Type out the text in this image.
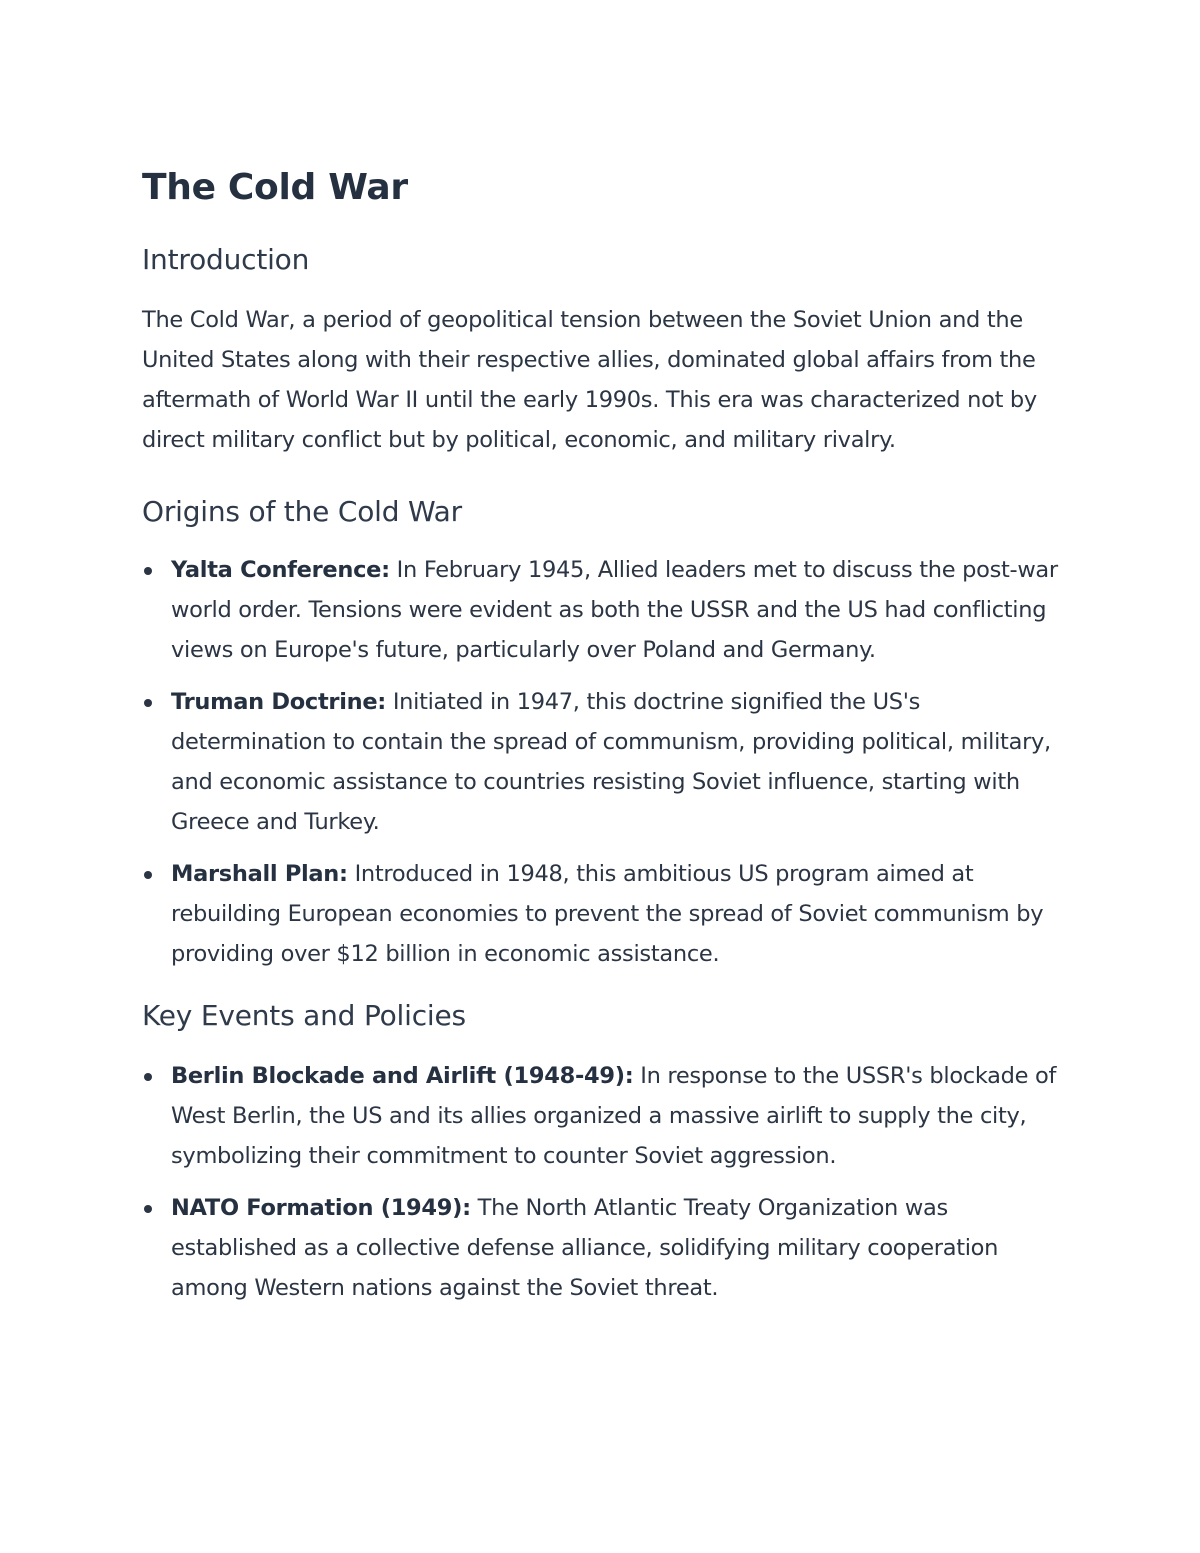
The Cold War
Introduction

The Cold War, a period of geopolitical tension between the Soviet Union and the United States along with their respective allies, dominated global affairs from the aftermath of World War II until the early 1990s. This era was characterized not by direct military conflict but by political, economic, and military rivalry.

Origins of the Cold War
Yalta Conference: In February 1945, Allied leaders met to discuss the post-war world order. Tensions were evident as both the USSR and the US had conflicting views on Europe's future, particularly over Poland and Germany.
Truman Doctrine: Initiated in 1947, this doctrine signified the US's determination to contain the spread of communism, providing political, military, and economic assistance to countries resisting Soviet influence, starting with Greece and Turkey.
Marshall Plan: Introduced in 1948, this ambitious US program aimed at rebuilding European economies to prevent the spread of Soviet communism by providing over $12 billion in economic assistance.
Key Events and Policies
Berlin Blockade and Airlift (1948-49): In response to the USSR's blockade of West Berlin, the US and its allies organized a massive airlift to supply the city, symbolizing their commitment to counter Soviet aggression.
NATO Formation (1949): The North Atlantic Treaty Organization was established as a collective defense alliance, solidifying military cooperation among Western nations against the Soviet threat.
